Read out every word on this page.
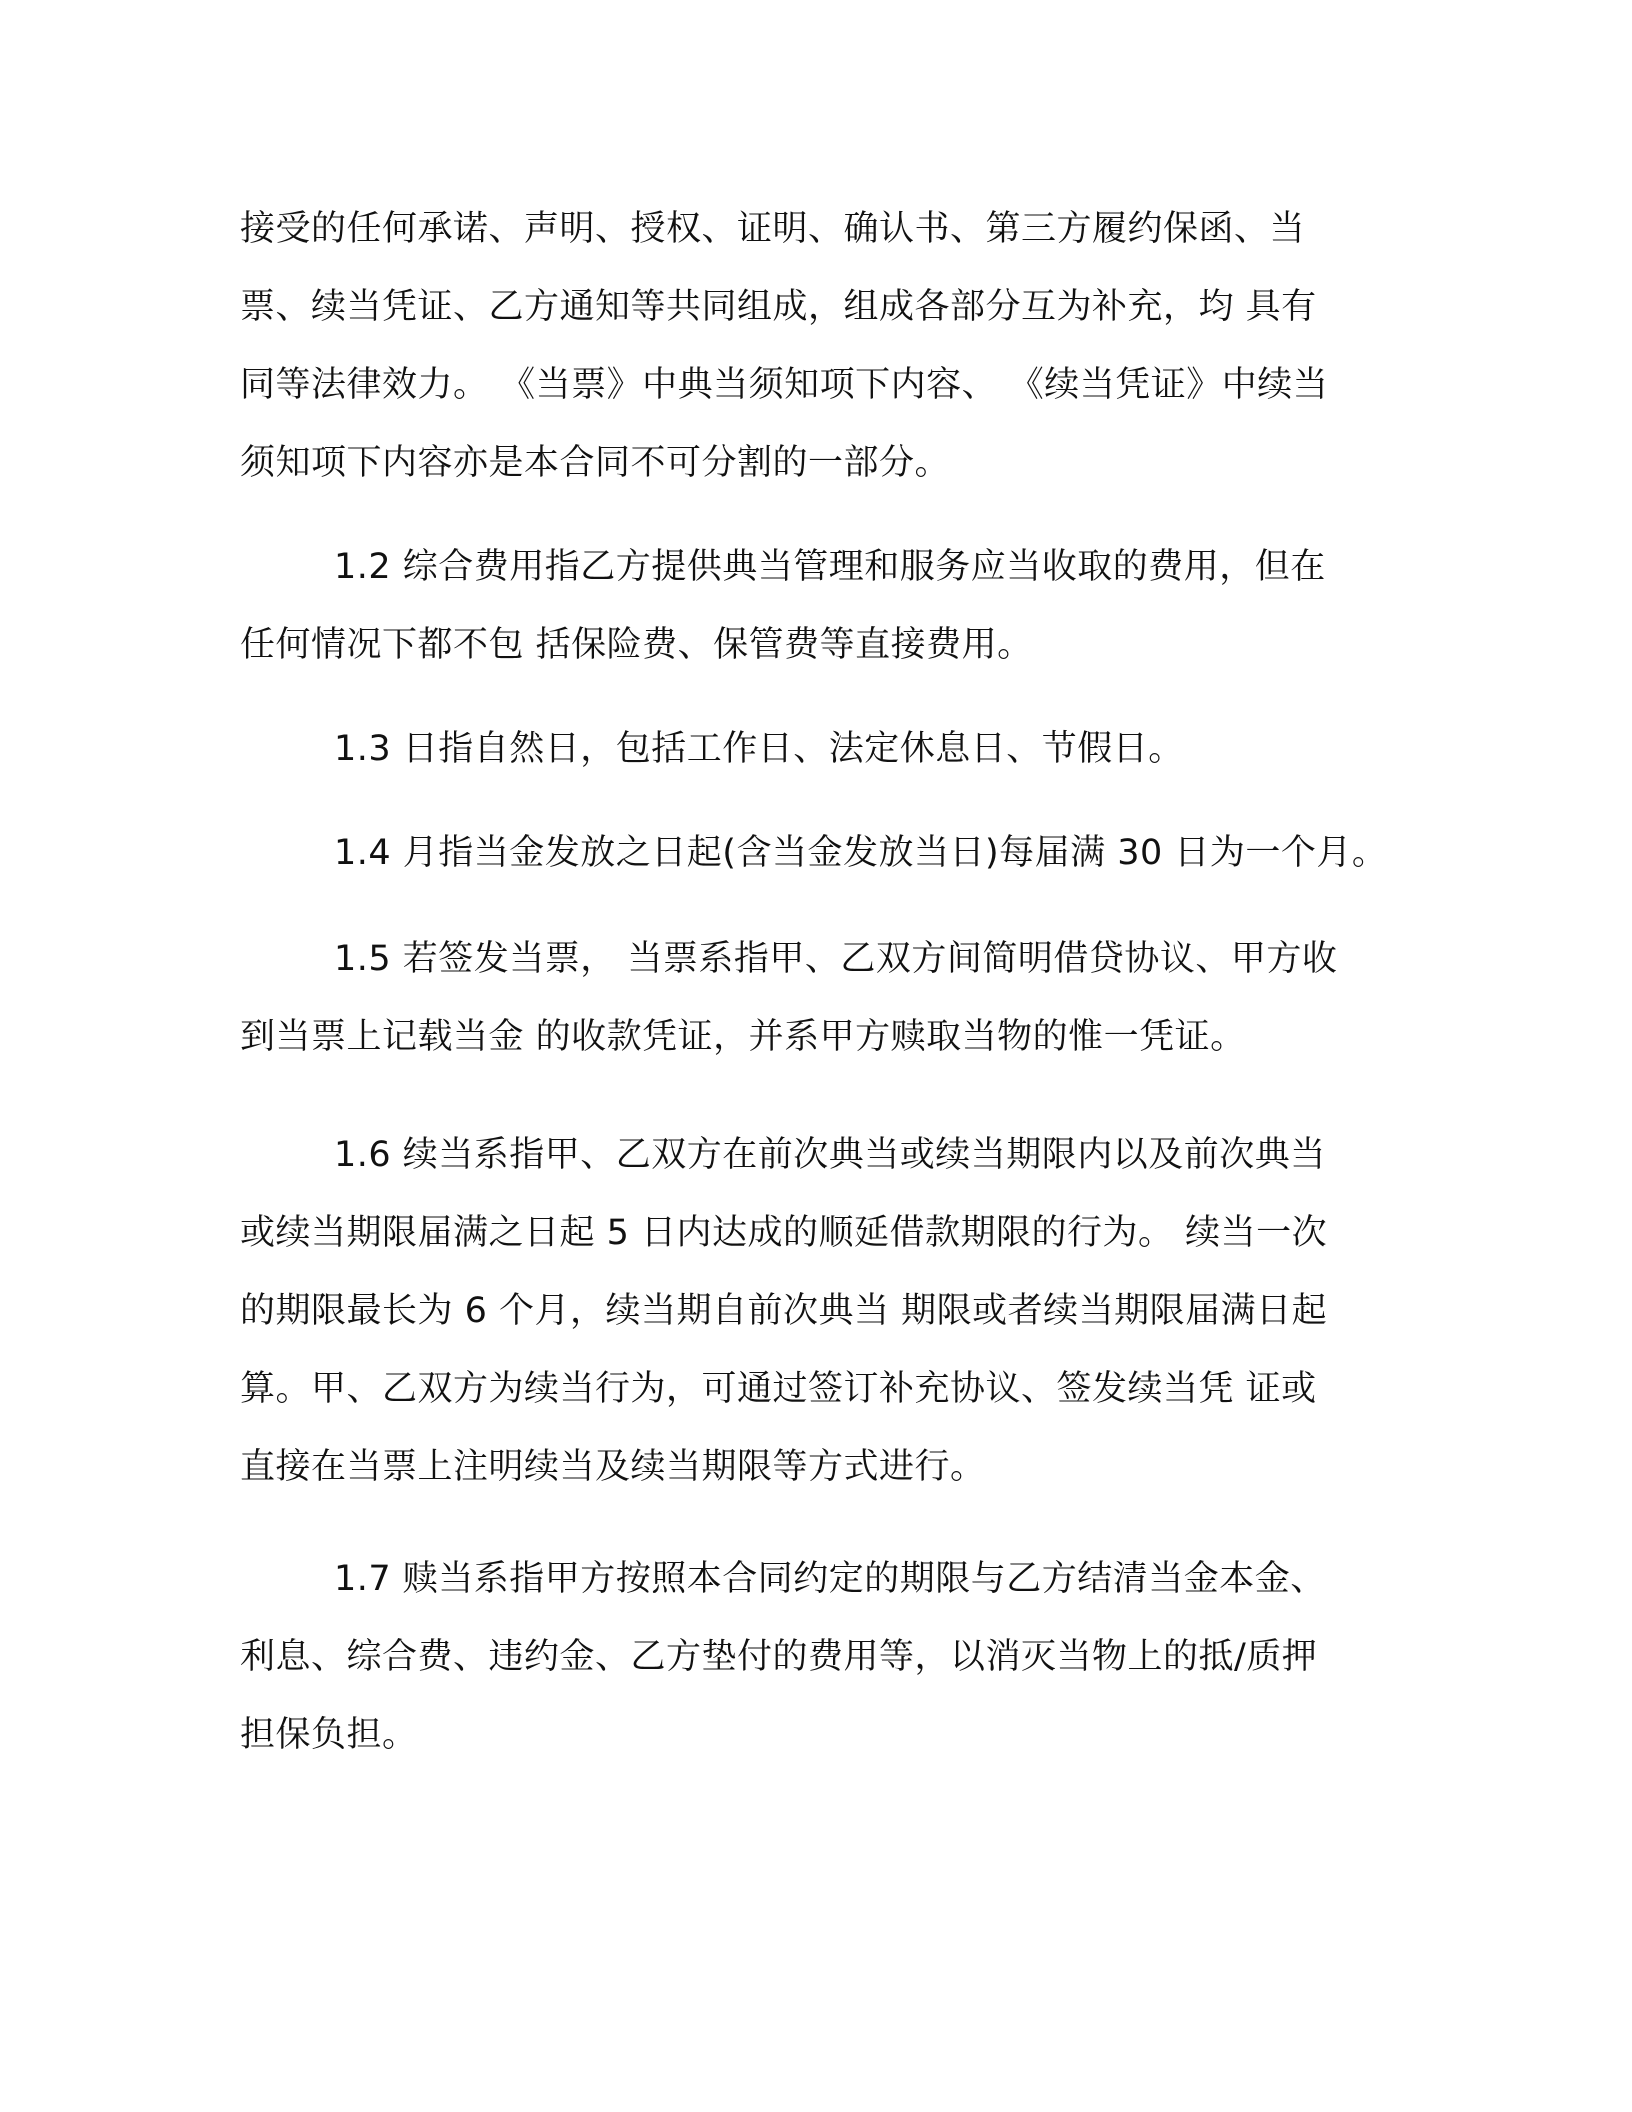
接受的任何承诺、声明、授权、证明、确认书、第三方履约保函、当
票、续当凭证、乙方通知等共同组成，组成各部分互为补充，均 具有
同等法律效力。 《当票》中典当须知项下内容、 《续当凭证》中续当
须知项下内容亦是本合同不可分割的一部分。

1.2 综合费用指乙方提供典当管理和服务应当收取的费用，但在
任何情况下都不包 括保险费、保管费等直接费用。

1.3 日指自然日，包括工作日、法定休息日、节假日。

1.4 月指当金发放之日起(含当金发放当日)每届满 30 日为一个月。

1.5 若签发当票， 当票系指甲、乙双方间简明借贷协议、甲方收
到当票上记载当金 的收款凭证，并系甲方赎取当物的惟一凭证。

1.6 续当系指甲、乙双方在前次典当或续当期限内以及前次典当
或续当期限届满之日起 5 日内达成的顺延借款期限的行为。 续当一次
的期限最长为 6 个月，续当期自前次典当 期限或者续当期限届满日起
算。甲、乙双方为续当行为，可通过签订补充协议、签发续当凭 证或
直接在当票上注明续当及续当期限等方式进行。

1.7 赎当系指甲方按照本合同约定的期限与乙方结清当金本金、
利息、综合费、违约金、乙方垫付的费用等，以消灭当物上的抵/质押
担保负担。
